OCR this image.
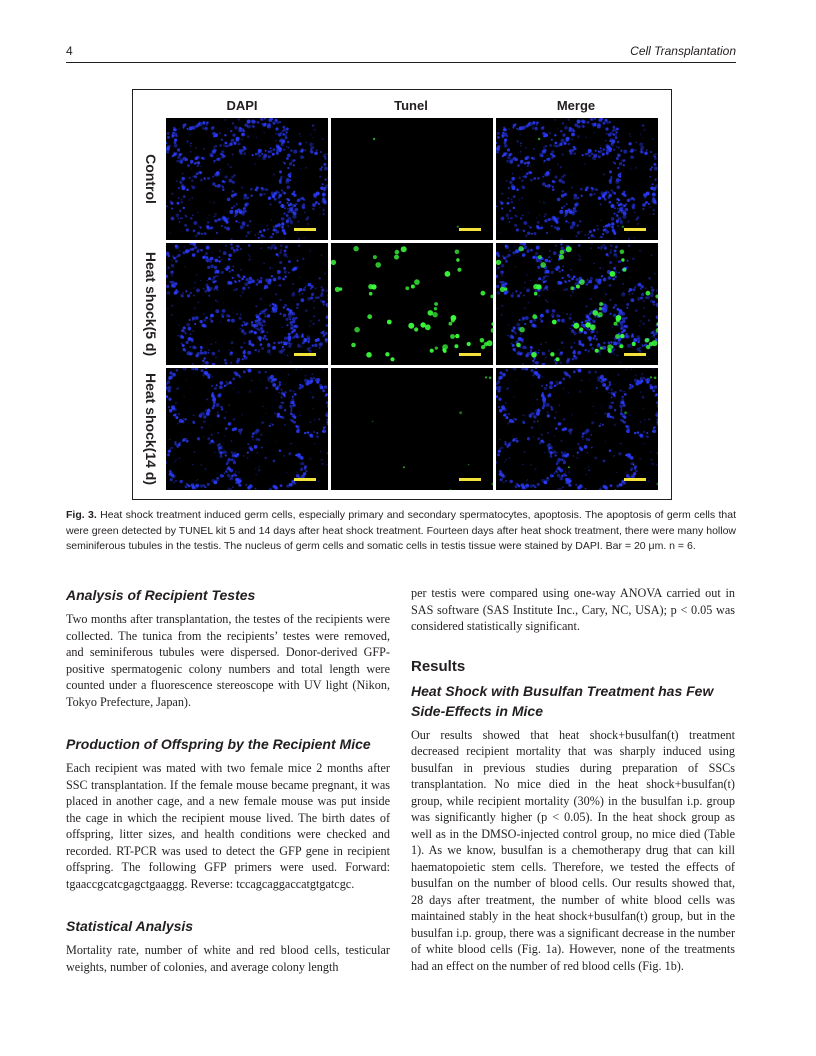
4	Cell Transplantation
DAPI	Tunel	Merge
Control
Heat shock(5 d)
Heat shock(14 d)
Fig. 3. Heat shock treatment induced germ cells, especially primary and secondary spermatocytes, apoptosis. The apoptosis of germ cells that were green detected by TUNEL kit 5 and 14 days after heat shock treatment. Fourteen days after heat shock treatment, there were many hollow seminiferous tubules in the testis. The nucleus of germ cells and somatic cells in testis tissue were stained by DAPI. Bar = 20 μm. n = 6.
Analysis of Recipient Testes

Two months after transplantation, the testes of the recipients were collected. The tunica from the recipients’ testes were removed, and seminiferous tubules were dispersed. Donor-derived GFP-positive spermatogenic colony numbers and total length were counted under a fluorescence stereoscope with UV light (Nikon, Tokyo Prefecture, Japan).

Production of Offspring by the Recipient Mice

Each recipient was mated with two female mice 2 months after SSC transplantation. If the female mouse became pregnant, it was placed in another cage, and a new female mouse was put inside the cage in which the recipient mouse lived. The birth dates of offspring, litter sizes, and health conditions were checked and recorded. RT-PCR was used to detect the GFP gene in recipient offspring. The following GFP primers were used. Forward: tgaaccgcatcgagctgaaggg. Reverse: tccagcaggaccatgtgatcgc.

Statistical Analysis

Mortality rate, number of white and red blood cells, testicular weights, number of colonies, and average colony length

per testis were compared using one-way ANOVA carried out in SAS software (SAS Institute Inc., Cary, NC, USA); p < 0.05 was considered statistically significant.

Results
Heat Shock with Busulfan Treatment has Few Side-Effects in Mice

Our results showed that heat shock+busulfan(t) treatment decreased recipient mortality that was sharply induced using busulfan in previous studies during preparation of SSCs transplantation. No mice died in the heat shock+busulfan(t) group, while recipient mortality (30%) in the busulfan i.p. group was significantly higher (p < 0.05). In the heat shock group as well as in the DMSO-injected control group, no mice died (Table 1). As we know, busulfan is a chemotherapy drug that can kill haematopoietic stem cells. Therefore, we tested the effects of busulfan on the number of blood cells. Our results showed that, 28 days after treatment, the number of white blood cells was maintained stably in the heat shock+busulfan(t) group, but in the busulfan i.p. group, there was a significant decrease in the number of white blood cells (Fig. 1a). However, none of the treatments had an effect on the number of red blood cells (Fig. 1b).
